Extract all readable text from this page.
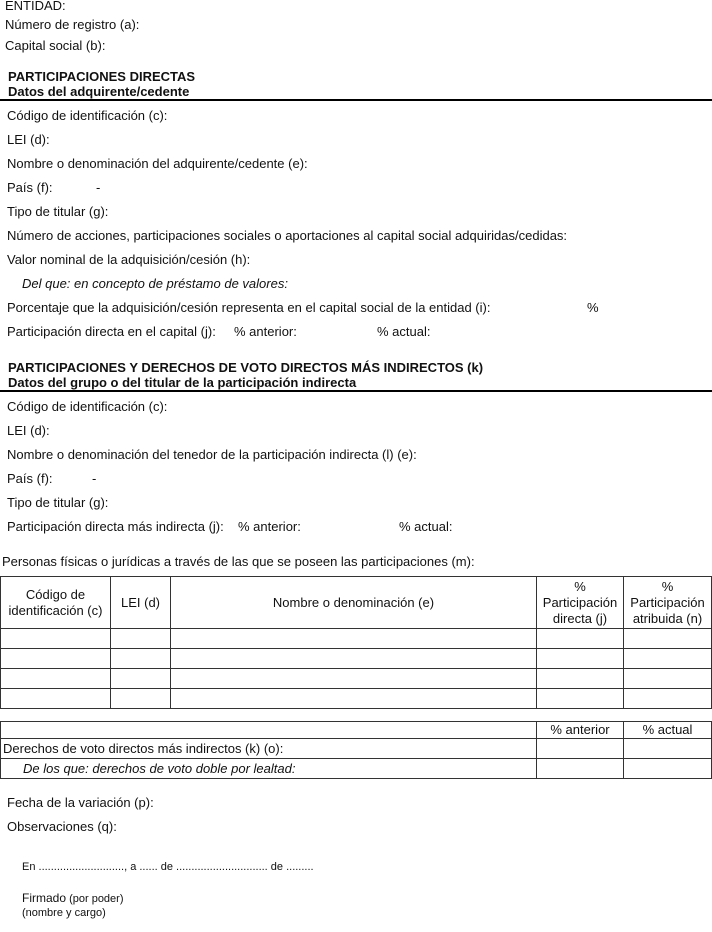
ENTIDAD:
Número de registro (a):
Capital social (b):
PARTICIPACIONES DIRECTAS
Datos del adquirente/cedente
Código de identificación (c):
LEI (d):
Nombre o denominación del adquirente/cedente (e):
País (f):	-
Tipo de titular (g):
Número de acciones, participaciones sociales o aportaciones al capital social adquiridas/cedidas:
Valor nominal de la adquisición/cesión (h):
Del que: en concepto de préstamo de valores:
Porcentaje que la adquisición/cesión representa en el capital social de la entidad (i):	%
Participación directa en el capital (j): % anterior:	% actual:
PARTICIPACIONES Y DERECHOS DE VOTO DIRECTOS MÁS INDIRECTOS (k)
Datos del grupo o del titular de la participación indirecta
Código de identificación (c):
LEI (d):
Nombre o denominación del tenedor de la participación indirecta (l) (e):
País (f):	-
Tipo de titular (g):
Participación directa más indirecta (j): % anterior:	% actual:
Personas físicas o jurídicas a través de las que se poseen las participaciones (m):
Código de identificación (c)	LEI (d)	Nombre o denominación (e)	% Participación directa (j)	% Participación atribuida (n)

	% anterior	% actual
Derechos de voto directos más indirectos (k) (o):		
De los que: derechos de voto doble por lealtad:		
Fecha de la variación (p):
Observaciones (q):
En ............................, a ...... de .............................. de .........
Firmado (por poder)
(nombre y cargo)
